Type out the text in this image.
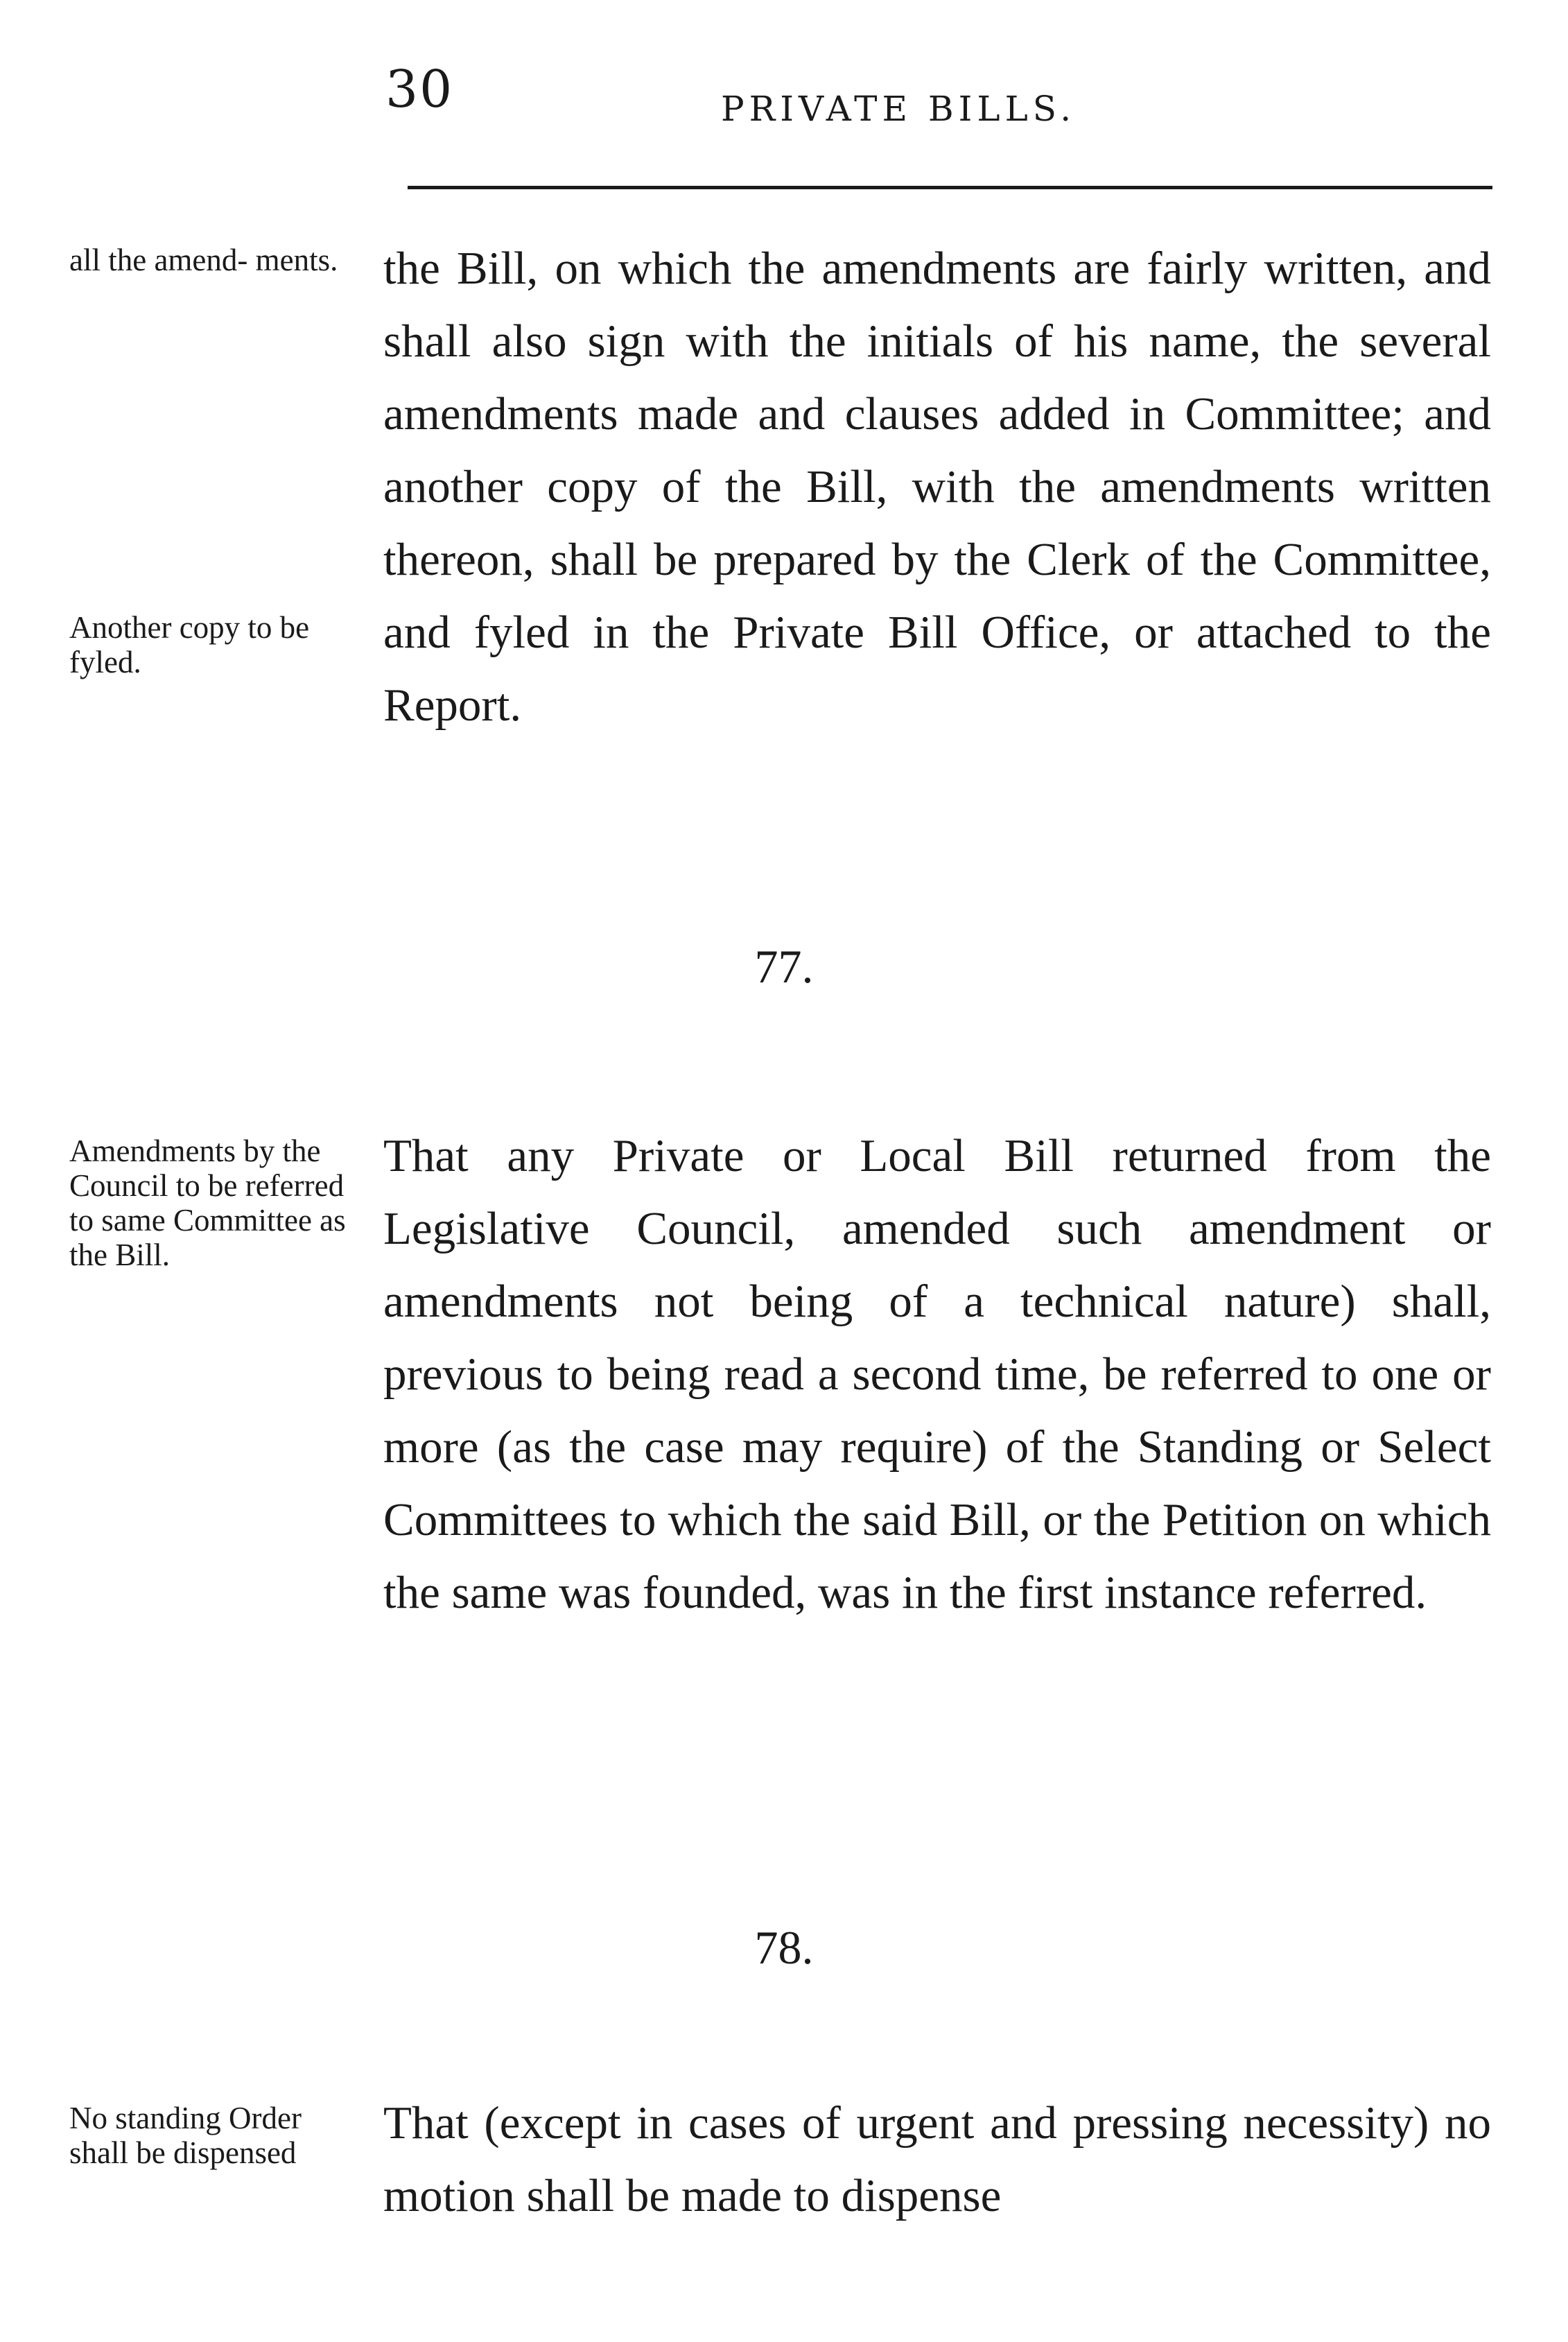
30	PRIVATE BILLS.

all the amend- ments.

Another copy to be fyled.

the Bill, on which the amendments are fairly written, and shall also sign with the initials of his name, the several amendments made and clauses added in Committee; and another copy of the Bill, with the amendments written thereon, shall be prepared by the Clerk of the Committee, and fyled in the Private Bill Office, or attached to the Report.

77.

Amendments by the Council to be referred to same Committee as the Bill.

That any Private or Local Bill returned from the Legislative Council, amended such amendment or amendments not being of a technical nature) shall, previous to being read a second time, be referred to one or more (as the case may require) of the Standing or Select Committees to which the said Bill, or the Petition on which the same was founded, was in the first instance referred.

78.

No standing Order shall be dispensed

That (except in cases of urgent and pressing necessity) no motion shall be made to dispense
